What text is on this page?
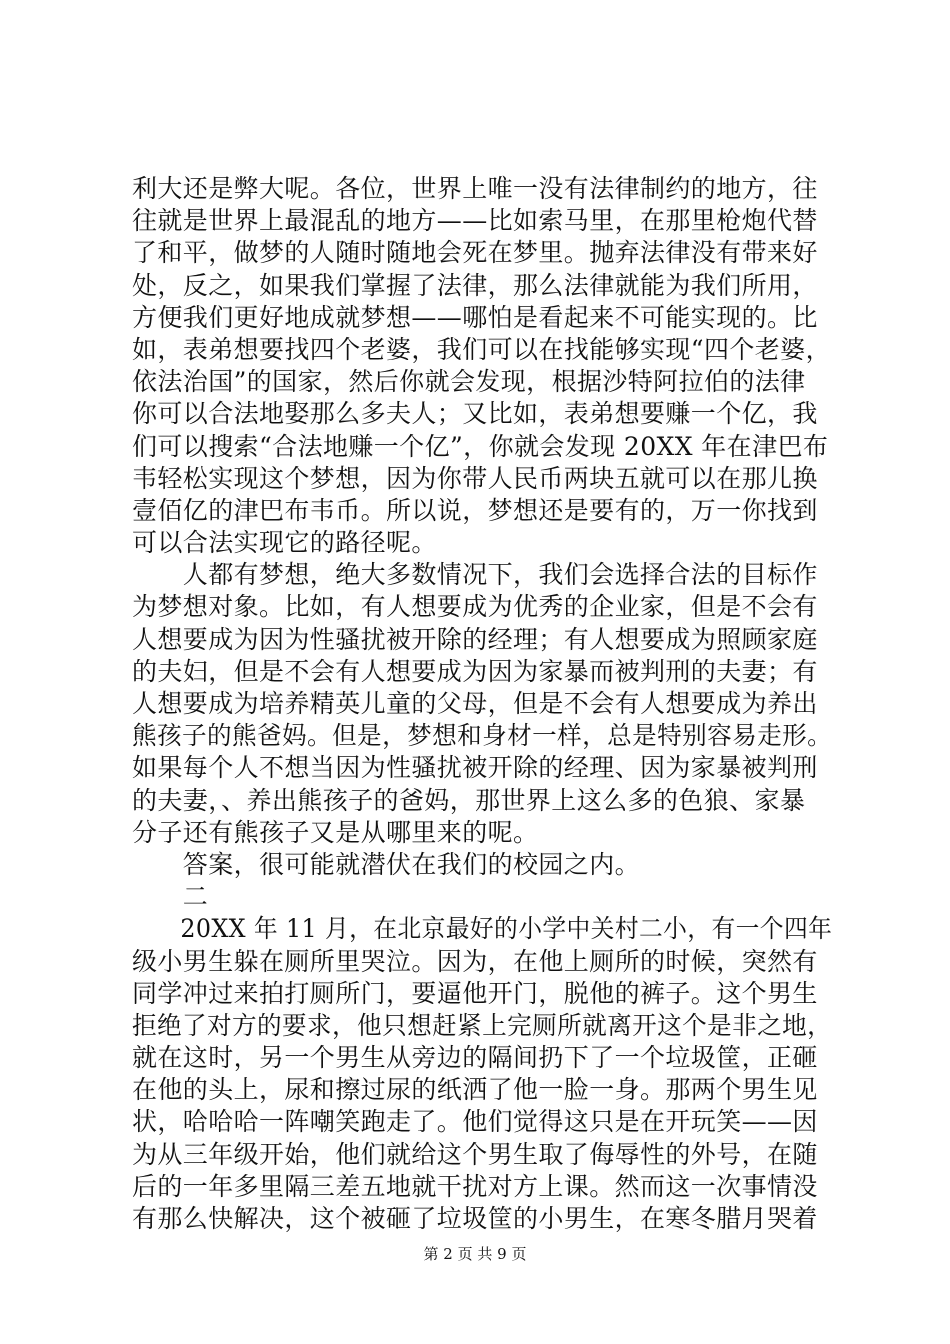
利大还是弊大呢。各位，世界上唯一没有法律制约的地方，往
往就是世界上最混乱的地方——比如索马里，在那里枪炮代替
了和平，做梦的人随时随地会死在梦里。抛弃法律没有带来好
处，反之，如果我们掌握了法律，那么法律就能为我们所用，
方便我们更好地成就梦想——哪怕是看起来不可能实现的。比
如，表弟想要找四个老婆，我们可以在找能够实现“四个老婆，
依法治国”的国家，然后你就会发现，根据沙特阿拉伯的法律
你可以合法地娶那么多夫人；又比如，表弟想要赚一个亿，我
们可以搜索“合法地赚一个亿”，你就会发现 20XX 年在津巴布
韦轻松实现这个梦想，因为你带人民币两块五就可以在那儿换
壹佰亿的津巴布韦币。所以说，梦想还是要有的，万一你找到
可以合法实现它的路径呢。
　　人都有梦想，绝大多数情况下，我们会选择合法的目标作
为梦想对象。比如，有人想要成为优秀的企业家，但是不会有
人想要成为因为性骚扰被开除的经理；有人想要成为照顾家庭
的夫妇，但是不会有人想要成为因为家暴而被判刑的夫妻；有
人想要成为培养精英儿童的父母，但是不会有人想要成为养出
熊孩子的熊爸妈。但是，梦想和身材一样，总是特别容易走形。
如果每个人不想当因为性骚扰被开除的经理、因为家暴被判刑
的夫妻，、养出熊孩子的爸妈，那世界上这么多的色狼、家暴
分子还有熊孩子又是从哪里来的呢。
　　答案，很可能就潜伏在我们的校园之内。
　　二
　　20XX 年 11 月，在北京最好的小学中关村二小，有一个四年
级小男生躲在厕所里哭泣。因为，在他上厕所的时候，突然有
同学冲过来拍打厕所门，要逼他开门，脱他的裤子。这个男生
拒绝了对方的要求，他只想赶紧上完厕所就离开这个是非之地，
就在这时，另一个男生从旁边的隔间扔下了一个垃圾筐，正砸
在他的头上，尿和擦过尿的纸洒了他一脸一身。那两个男生见
状，哈哈哈一阵嘲笑跑走了。他们觉得这只是在开玩笑——因
为从三年级开始，他们就给这个男生取了侮辱性的外号，在随
后的一年多里隔三差五地就干扰对方上课。然而这一次事情没
有那么快解决，这个被砸了垃圾筐的小男生，在寒冬腊月哭着
第 2 页 共 9 页
